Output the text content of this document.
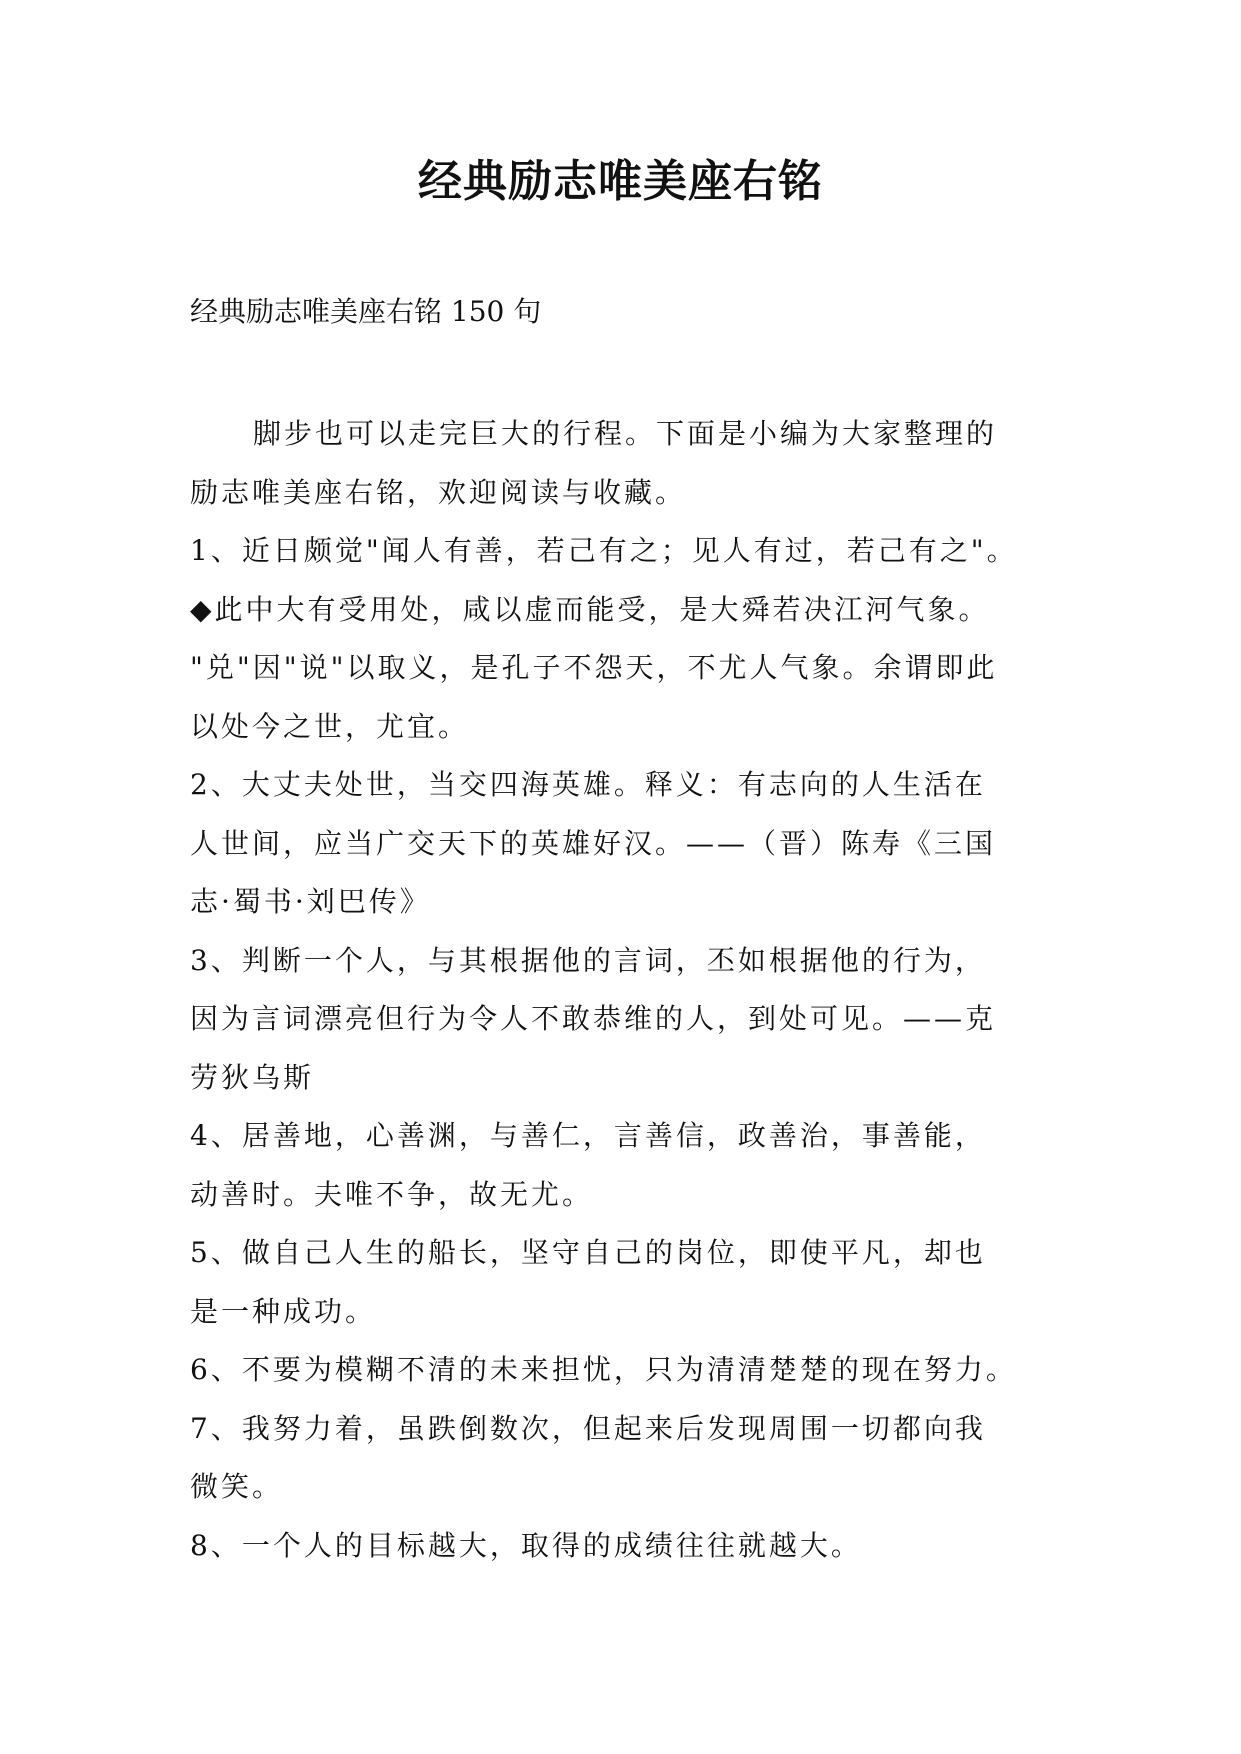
经典励志唯美座右铭

经典励志唯美座右铭 150 句

脚步也可以走完巨大的行程。下面是小编为大家整理的
励志唯美座右铭，欢迎阅读与收藏。
1、近日颇觉"闻人有善，若己有之；见人有过，若己有之"。
◆此中大有受用处，咸以虚而能受，是大舜若决江河气象。
"兑"因"说"以取义，是孔子不怨天，不尤人气象。余谓即此
以处今之世，尤宜。
2、大丈夫处世，当交四海英雄。释义：有志向的人生活在
人世间，应当广交天下的英雄好汉。——（晋）陈寿《三国
志·蜀书·刘巴传》
3、判断一个人，与其根据他的言词，丕如根据他的行为，
因为言词漂亮但行为令人不敢恭维的人，到处可见。——克
劳狄乌斯
4、居善地，心善渊，与善仁，言善信，政善治，事善能，
动善时。夫唯不争，故无尤。
5、做自己人生的船长，坚守自己的岗位，即使平凡，却也
是一种成功。
6、不要为模糊不清的未来担忧，只为清清楚楚的现在努力。
7、我努力着，虽跌倒数次，但起来后发现周围一切都向我
微笑。
8、一个人的目标越大，取得的成绩往往就越大。
